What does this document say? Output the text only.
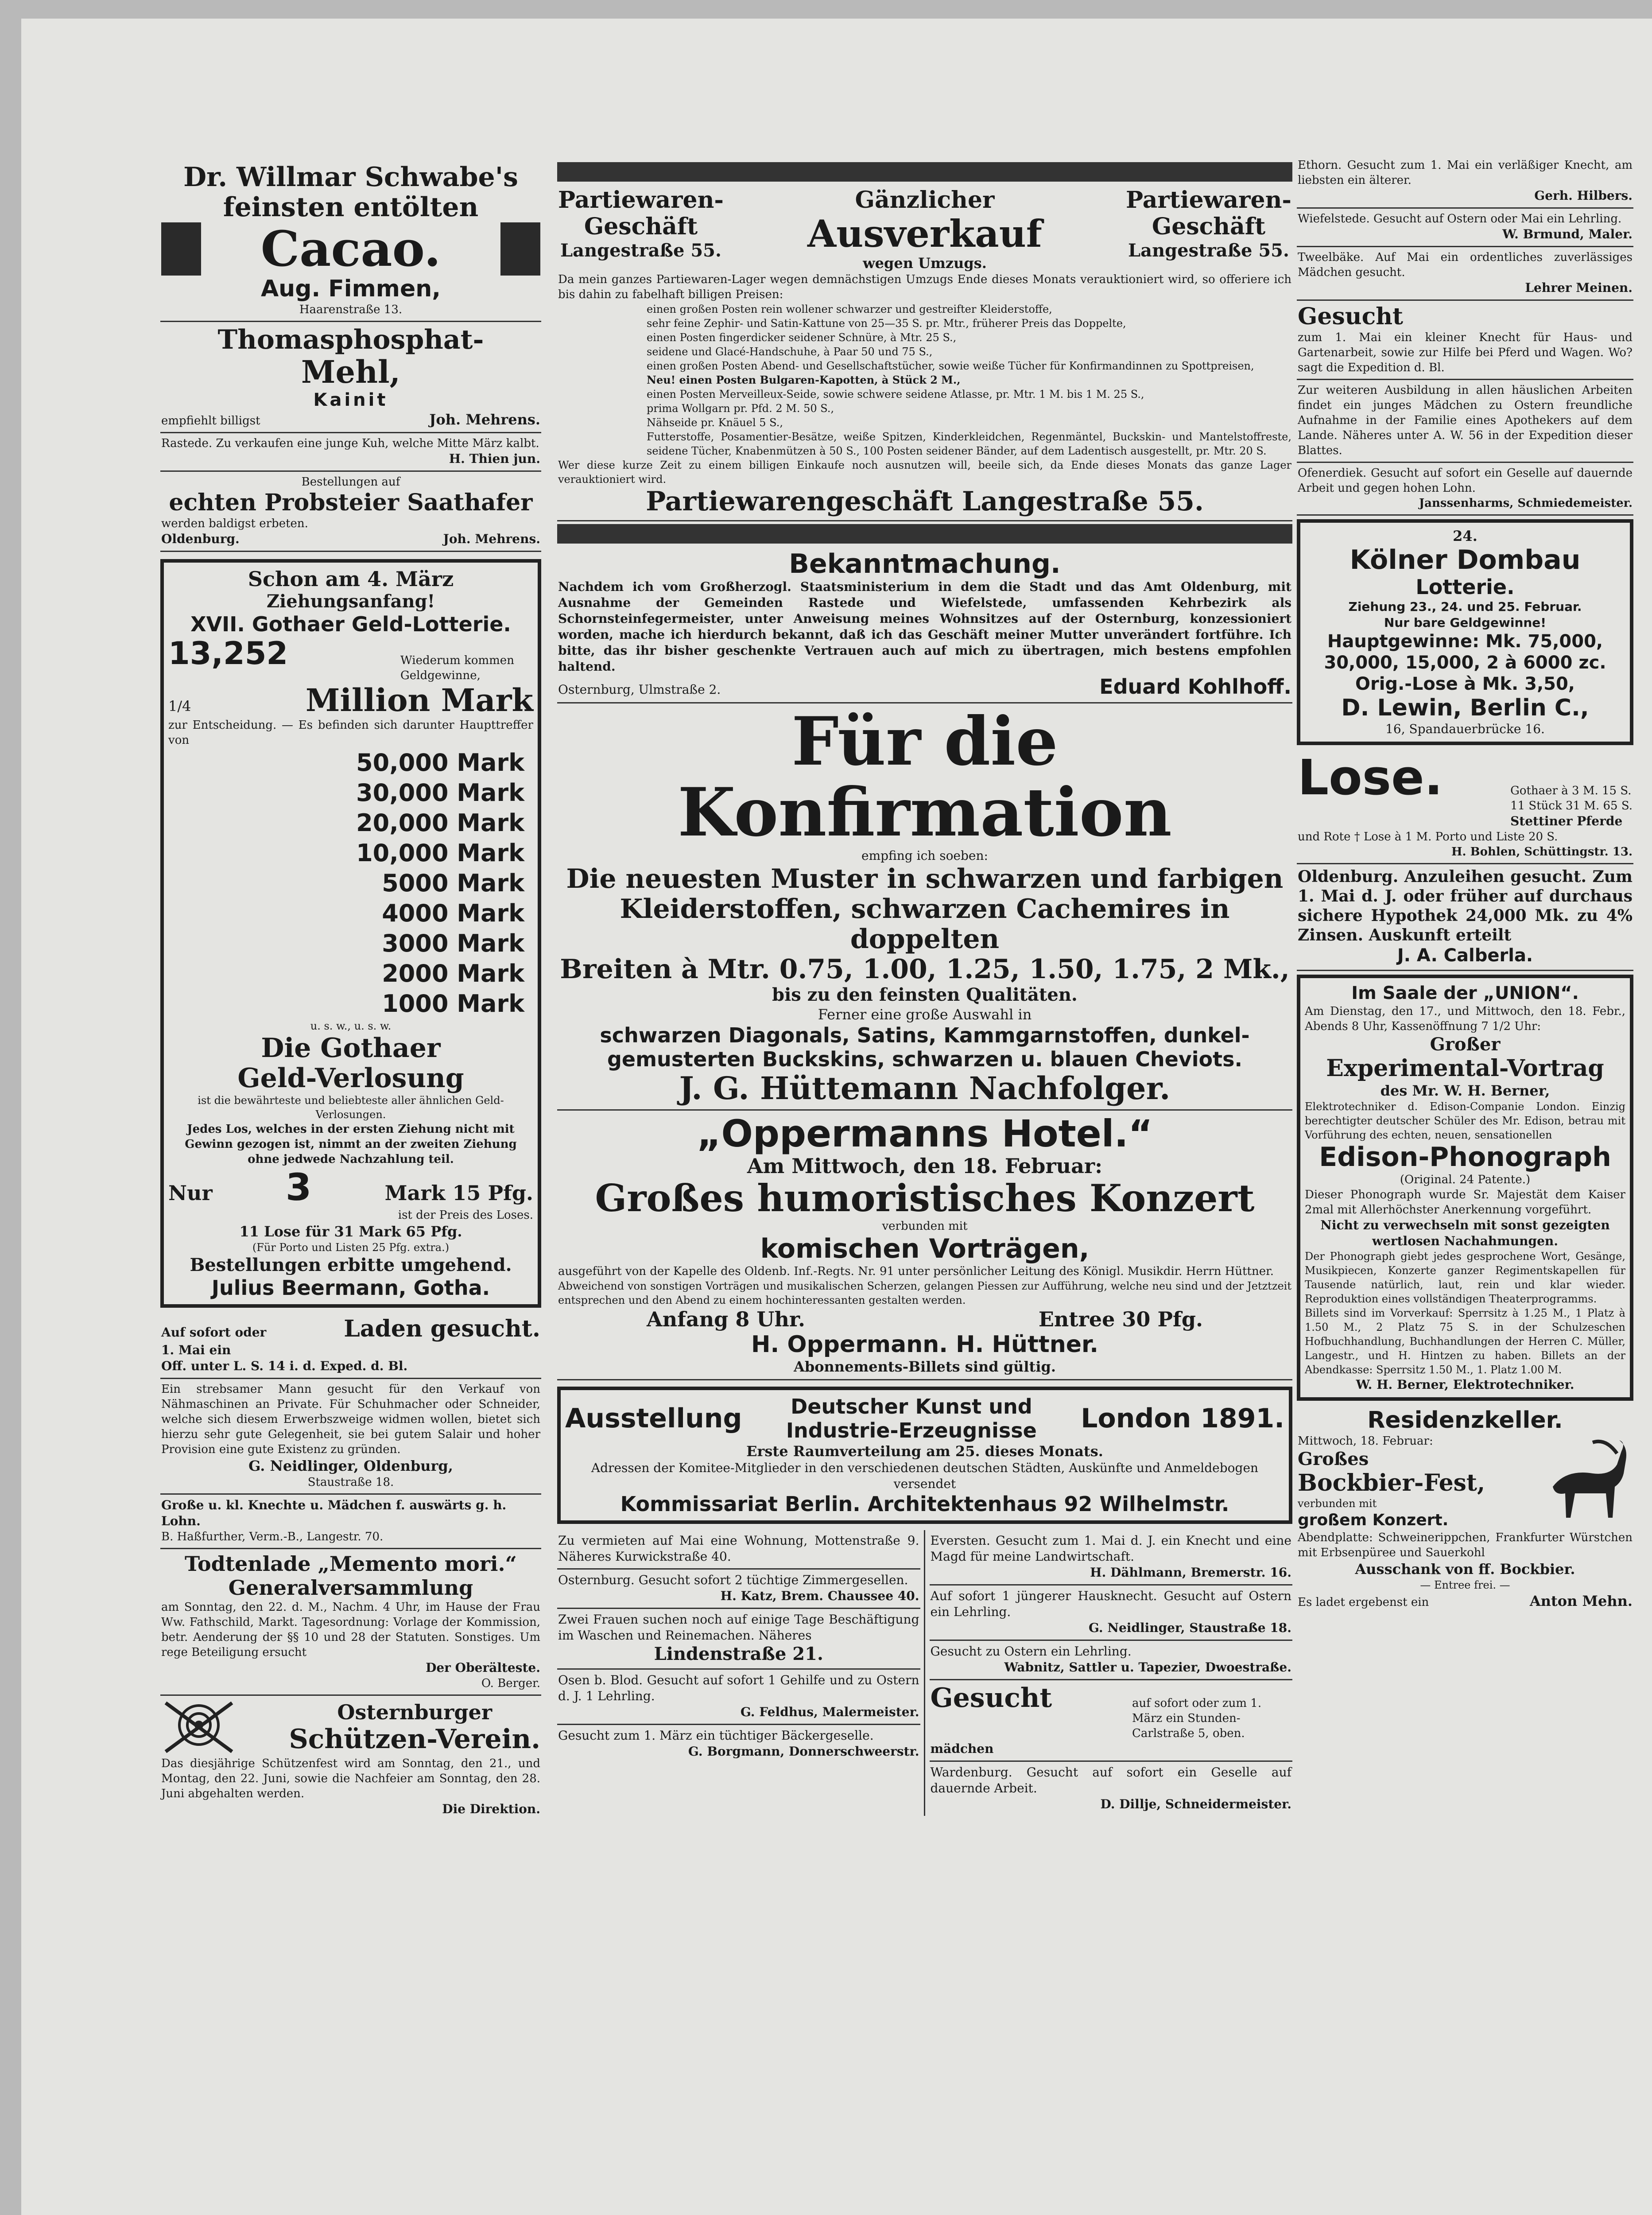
Dr. Willmar Schwabe's
feinsten entölten
Cacao.
Aug. Fimmen,
Haarenstraße 13.
Thomasphosphat-
Mehl,
Kainit
empfiehlt billigst	Joh. Mehrens.
Rastede. Zu verkaufen eine junge Kuh, welche Mitte März kalbt.
H. Thien jun.
Bestellungen auf
echten Probsteier Saathafer
werden baldigst erbeten.
Oldenburg.	Joh. Mehrens.
Schon am 4. März
Ziehungsanfang!
XVII. Gothaer Geld-Lotterie.
13,252	Wiederum kommen Geldgewinne,
1/4	Million Mark
zur Entscheidung. — Es befinden sich darunter Haupttreffer von
50,000 Mark
30,000 Mark
20,000 Mark
10,000 Mark
5000 Mark
4000 Mark
3000 Mark
2000 Mark
1000 Mark
u. s. w., u. s. w.
Die Gothaer
Geld-Verlosung
ist die bewährteste und beliebteste aller ähnlichen Geld-Verlosungen.
Jedes Los, welches in der ersten Ziehung nicht mit Gewinn gezogen ist, nimmt an der zweiten Ziehung ohne jedwede Nachzahlung teil.
Nur 3	Mark 15 Pfg.
ist der Preis des Loses.
11 Lose für 31 Mark 65 Pfg.
(Für Porto und Listen 25 Pfg. extra.)
Bestellungen erbitte umgehend.
Julius Beermann, Gotha.
Auf sofort oder	Laden gesucht.
1. Mai ein
Off. unter L. S. 14 i. d. Exped. d. Bl.
Ein strebsamer Mann gesucht für den Verkauf von Nähmaschinen an Private. Für Schuhmacher oder Schneider, welche sich diesem Erwerbszweige widmen wollen, bietet sich hierzu sehr gute Gelegenheit, sie bei gutem Salair und hoher Provision eine gute Existenz zu gründen.
G. Neidlinger, Oldenburg,
Staustraße 18.
Große u. kl. Knechte u. Mädchen f. auswärts g. h. Lohn.
B. Haßfurther, Verm.-B., Langestr. 70.
Todtenlade „Memento mori.“
Generalversammlung
am Sonntag, den 22. d. M., Nachm. 4 Uhr, im Hause der Frau Ww. Fathschild, Markt. Tagesordnung: Vorlage der Kommission, betr. Aenderung der §§ 10 und 28 der Statuten. Sonstiges. Um rege Beteiligung ersucht
Der Oberälteste.
O. Berger.
Osternburger
Schützen-Verein.
Das diesjährige Schützenfest wird am Sonntag, den 21., und Montag, den 22. Juni, sowie die Nachfeier am Sonntag, den 28. Juni abgehalten werden.
Die Direktion.
Partiewaren-
Geschäft
Langestraße 55.
Gänzlicher
Ausverkauf
wegen Umzugs.
Partiewaren-
Geschäft
Langestraße 55.
Da mein ganzes Partiewaren-Lager wegen demnächstigen Umzugs Ende dieses Monats verauktioniert wird, so offeriere ich bis dahin zu fabelhaft billigen Preisen:
einen großen Posten rein wollener schwarzer und gestreifter Kleiderstoffe,
sehr feine Zephir- und Satin-Kattune von 25—35 S. pr. Mtr., früherer Preis das Doppelte,
einen Posten fingerdicker seidener Schnüre, à Mtr. 25 S.,
seidene und Glacé-Handschuhe, à Paar 50 und 75 S.,
einen großen Posten Abend- und Gesellschaftstücher, sowie weiße Tücher für Konfirmandinnen zu Spottpreisen,
Neu! einen Posten Bulgaren-Kapotten, à Stück 2 M.,
einen Posten Merveilleux-Seide, sowie schwere seidene Atlasse, pr. Mtr. 1 M. bis 1 M. 25 S.,
prima Wollgarn pr. Pfd. 2 M. 50 S.,
Nähseide pr. Knäuel 5 S.,
Futterstoffe, Posamentier-Besätze, weiße Spitzen, Kinderkleidchen, Regenmäntel, Buckskin- und Mantelstoffreste, seidene Tücher, Knabenmützen à 50 S., 100 Posten seidener Bänder, auf dem Ladentisch ausgestellt, pr. Mtr. 20 S.
Wer diese kurze Zeit zu einem billigen Einkaufe noch ausnutzen will, beeile sich, da Ende dieses Monats das ganze Lager verauktioniert wird.
Partiewarengeschäft Langestraße 55.
Bekanntmachung.
Nachdem ich vom Großherzogl. Staatsministerium in dem die Stadt und das Amt Oldenburg, mit Ausnahme der Gemeinden Rastede und Wiefelstede, umfassenden Kehrbezirk als Schornsteinfegermeister, unter Anweisung meines Wohnsitzes auf der Osternburg, konzessioniert worden, mache ich hierdurch bekannt, daß ich das Geschäft meiner Mutter unverändert fortführe. Ich bitte, das ihr bisher geschenkte Vertrauen auch auf mich zu übertragen, mich bestens empfohlen haltend.
Osternburg, Ulmstraße 2.	Eduard Kohlhoff.
Für die Konfirmation
empfing ich soeben:
Die neuesten Muster in schwarzen und farbigen
Kleiderstoffen, schwarzen Cachemires in doppelten
Breiten à Mtr. 0.75, 1.00, 1.25, 1.50, 1.75, 2 Mk.,
bis zu den feinsten Qualitäten.
Ferner eine große Auswahl in
schwarzen Diagonals, Satins, Kammgarnstoffen, dunkel-
gemusterten Buckskins, schwarzen u. blauen Cheviots.
J. G. Hüttemann Nachfolger.
„Oppermanns Hotel.“
Am Mittwoch, den 18. Februar:
Großes humoristisches Konzert
verbunden mit
komischen Vorträgen,
ausgeführt von der Kapelle des Oldenb. Inf.-Regts. Nr. 91 unter persönlicher Leitung des Königl. Musikdir. Herrn Hüttner.
Abweichend von sonstigen Vorträgen und musikalischen Scherzen, gelangen Piessen zur Aufführung, welche neu sind und der Jetztzeit entsprechen und den Abend zu einem hochinteressanten gestalten werden.
Anfang 8 Uhr.	Entree 30 Pfg.
H. Oppermann. H. Hüttner.
Abonnements-Billets sind gültig.
Ausstellung Deutscher Kunst und
Industrie-Erzeugnisse London 1891.
Erste Raumverteilung am 25. dieses Monats.
Adressen der Komitee-Mitglieder in den verschiedenen deutschen Städten, Auskünfte und Anmeldebogen versendet
Kommissariat Berlin. Architektenhaus 92 Wilhelmstr.
Zu vermieten auf Mai eine Wohnung, Mottenstraße 9. Näheres Kurwickstraße 40.
Osternburg. Gesucht sofort 2 tüchtige Zimmergesellen.
H. Katz, Brem. Chaussee 40.
Zwei Frauen suchen noch auf einige Tage Beschäftigung im Waschen und Reinemachen. Näheres
Lindenstraße 21.
Osen b. Blod. Gesucht auf sofort 1 Gehilfe und zu Ostern d. J. 1 Lehrling.
G. Feldhus, Malermeister.
Gesucht zum 1. März ein tüchtiger Bäckergeselle.
G. Borgmann, Donnerschweerstr.
Eversten. Gesucht zum 1. Mai d. J. ein Knecht und eine Magd für meine Landwirtschaft.
H. Dählmann, Bremerstr. 16.
Auf sofort 1 jüngerer Hausknecht. Gesucht auf Ostern ein Lehrling.
G. Neidlinger, Staustraße 18.
Gesucht zu Ostern ein Lehrling.
Wabnitz, Sattler u. Tapezier, Dwoestraße.
Gesucht	auf sofort oder zum 1. März ein Stunden- Carlstraße 5, oben.
mädchen
Wardenburg. Gesucht auf sofort ein Geselle auf dauernde Arbeit.
D. Dillje, Schneidermeister.
Ethorn. Gesucht zum 1. Mai ein verläßiger Knecht, am liebsten ein älterer.
Gerh. Hilbers.
Wiefelstede. Gesucht auf Ostern oder Mai ein Lehrling.
W. Brmund, Maler.
Tweelbäke. Auf Mai ein ordentliches zuverlässiges Mädchen gesucht.
Lehrer Meinen.
Gesucht
zum 1. Mai ein kleiner Knecht für Haus- und Gartenarbeit, sowie zur Hilfe bei Pferd und Wagen. Wo? sagt die Expedition d. Bl.
Zur weiteren Ausbildung in allen häuslichen Arbeiten findet ein junges Mädchen zu Ostern freundliche Aufnahme in der Familie eines Apothekers auf dem Lande. Näheres unter A. W. 56 in der Expedition dieser Blattes.
Ofenerdiek. Gesucht auf sofort ein Geselle auf dauernde Arbeit und gegen hohen Lohn.
Janssenharms, Schmiedemeister.
24.
Kölner Dombau
Lotterie.
Ziehung 23., 24. und 25. Februar.
Nur bare Geldgewinne!
Hauptgewinne: Mk. 75,000,
30,000, 15,000, 2 à 6000 zc.
Orig.-Lose à Mk. 3,50,
D. Lewin, Berlin C.,
16, Spandauerbrücke 16.
Lose.	Gothaer à 3 M. 15 S.
11 Stück 31 M. 65 S.
Stettiner Pferde
und Rote † Lose à 1 M. Porto und Liste 20 S.
H. Bohlen, Schüttingstr. 13.
Oldenburg. Anzuleihen gesucht. Zum 1. Mai d. J. oder früher auf durchaus sichere Hypothek 24,000 Mk. zu 4% Zinsen. Auskunft erteilt
J. A. Calberla.
Im Saale der „UNION“.
Am Dienstag, den 17., und Mittwoch, den 18. Febr., Abends 8 Uhr, Kassenöffnung 7 1/2 Uhr:
Großer
Experimental-Vortrag
des Mr. W. H. Berner,
Elektrotechniker d. Edison-Companie London. Einzig berechtigter deutscher Schüler des Mr. Edison, betrau mit Vorführung des echten, neuen, sensationellen
Edison-Phonograph
(Original. 24 Patente.)
Dieser Phonograph wurde Sr. Majestät dem Kaiser 2mal mit Allerhöchster Anerkennung vorgeführt.
Nicht zu verwechseln mit sonst gezeigten wertlosen Nachahmungen.
Der Phonograph giebt jedes gesprochene Wort, Gesänge, Musikpiecen, Konzerte ganzer Regimentskapellen für Tausende natürlich, laut, rein und klar wieder. Reproduktion eines vollständigen Theaterprogramms.
Billets sind im Vorverkauf: Sperrsitz à 1.25 M., 1 Platz à 1.50 M., 2 Platz 75 S. in der Schulzeschen Hofbuchhandlung, Buchhandlungen der Herren C. Müller, Langestr., und H. Hintzen zu haben. Billets an der Abendkasse: Sperrsitz 1.50 M., 1. Platz 1.00 M.
W. H. Berner, Elektrotechniker.
Residenzkeller.
Mittwoch, 18. Februar:
Großes
Bockbier-Fest,
verbunden mit
großem Konzert.
Abendplatte: Schweinerippchen, Frankfurter Würstchen mit Erbsenpüree und Sauerkohl
Ausschank von ff. Bockbier.
— Entree frei. —
Es ladet ergebenst ein	Anton Mehn.
